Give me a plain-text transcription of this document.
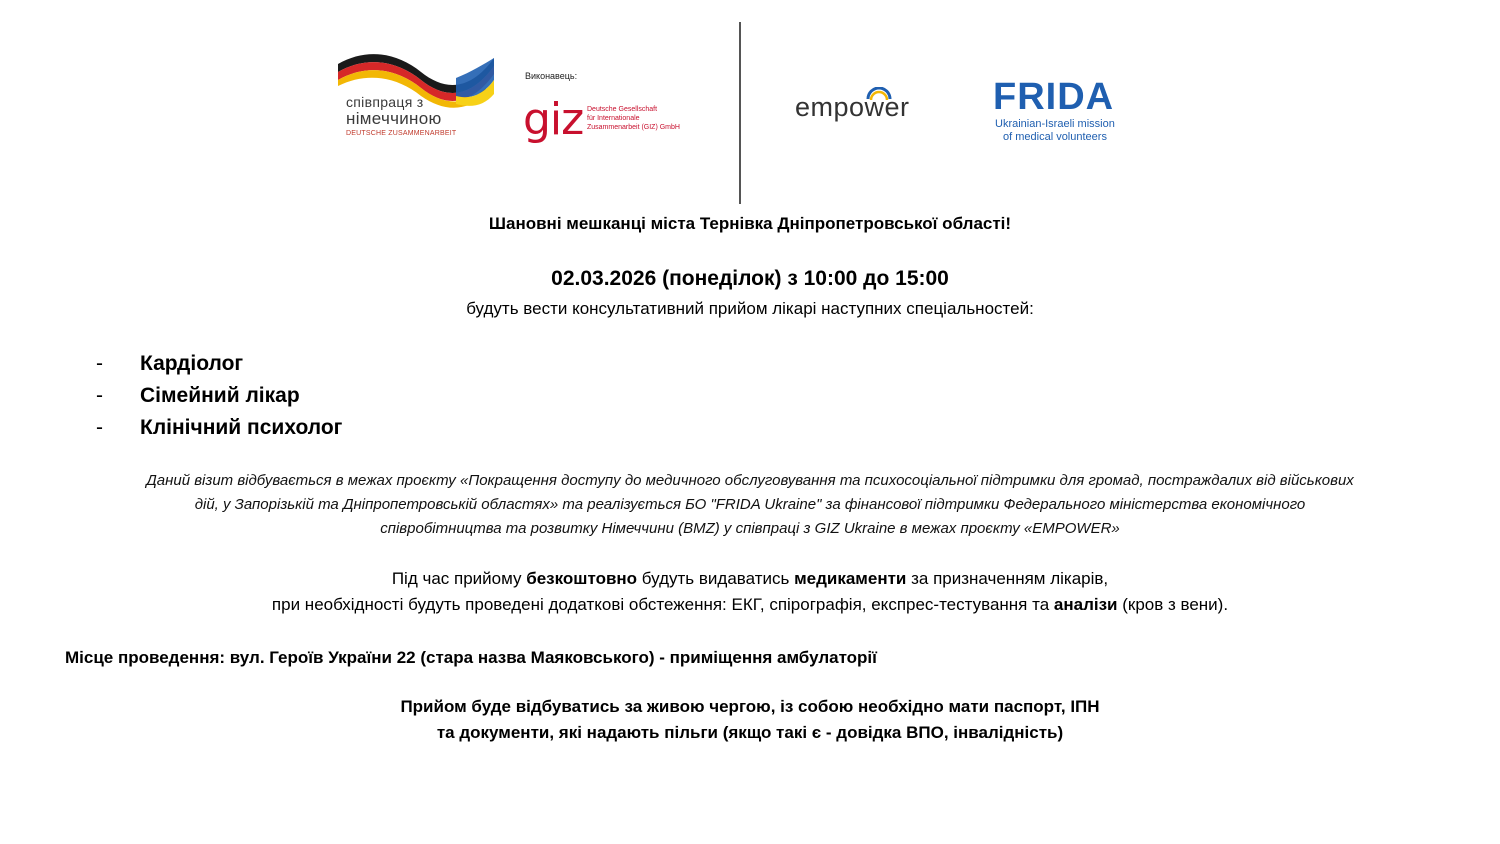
співпраця з
німеччиною
DEUTSCHE ZUSAMMENARBEIT
Виконавець:
giz Deutsche Gesellschaft
für Internationale
Zusammenarbeit (GIZ) GmbH
empower FRIDA
Ukrainian-Israeli mission
of medical volunteers
Шановні мешканці міста Тернівка Дніпропетровської області!
02.03.2026 (понеділок) з 10:00 до 15:00
будуть вести консультативний прийом лікарі наступних спеціальностей:
- Кардіолог
- Сімейний лікар
- Клінічний психолог
Даний візит відбувається в межах проєкту «Покращення доступу до медичного обслуговування та психосоціальної підтримки для громад, постраждалих від військових
дій, у Запорізькій та Дніпропетровській областях» та реалізується БО "FRIDA Ukraine" за фінансової підтримки Федерального міністерства економічного
співробітництва та розвитку Німеччини (BMZ) у співпраці з GIZ Ukraine в межах проєкту «EMPOWER»
Під час прийому безкоштовно будуть видаватись медикаменти за призначенням лікарів,
при необхідності будуть проведені додаткові обстеження: ЕКГ, спірографія, експрес-тестування та аналізи (кров з вени).
Місце проведення: вул. Героїв України 22 (стара назва Маяковського) - приміщення амбулаторії
Прийом буде відбуватись за живою чергою, із собою необхідно мати паспорт, ІПН
та документи, які надають пільги (якщо такі є - довідка ВПО, інвалідність)
